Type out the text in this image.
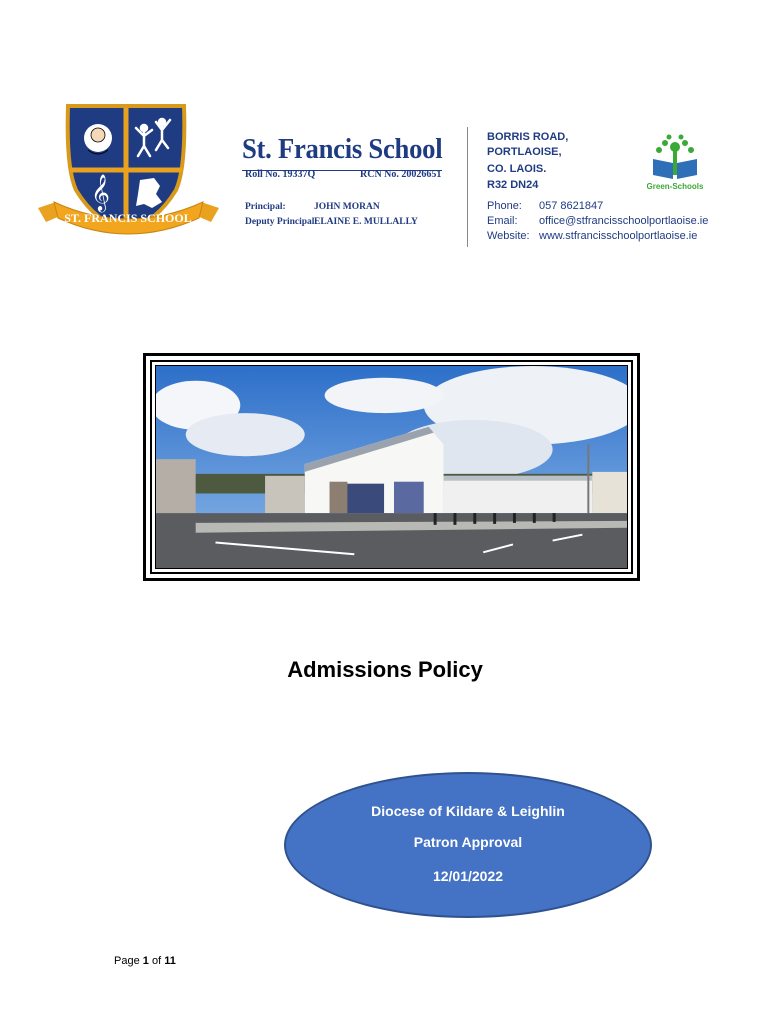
𝄞
ST. FRANCIS SCHOOL
St. Francis School
Roll No. 19337Q	RCN No. 20026651
Principal:	JOHN MORAN
Deputy Principal:
ELAINE E. MULLALLY
BORRIS ROAD,
PORTLAOISE,
CO. LAOIS.
R32 DN24
Phone: 057 8621847
Email: office@stfrancisschoolportlaoise.ie
Website: www.stfrancisschoolportlaoise.ie
Green-Schools
Admissions Policy
Diocese of Kildare & Leighlin
Patron Approval
12/01/2022
Page 1 of 11
